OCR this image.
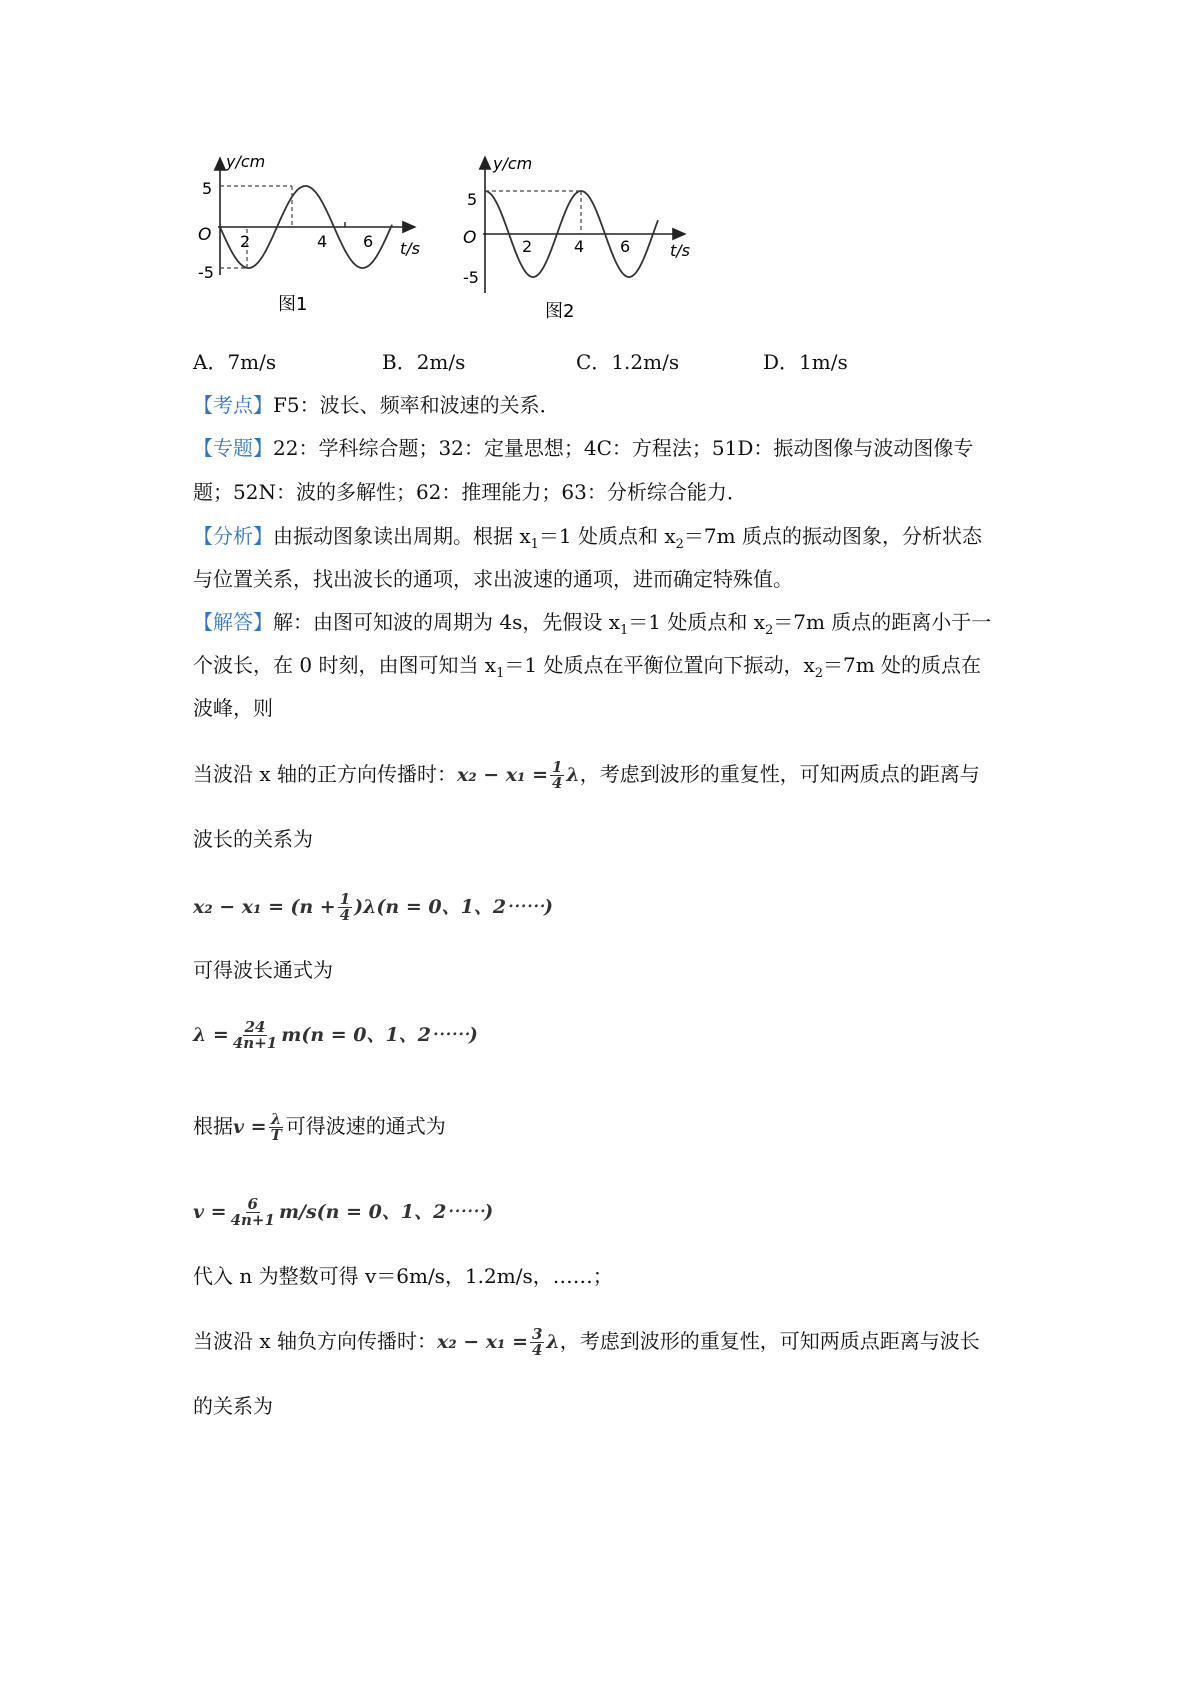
y/cm
t/s
O
5
-5
2	4 6
图1
y/cm
t/s
O
5
-5
2	4 6
图2
A．7m/s	B．2m/s	C．1.2m/s	D．1m/s
【考点】F5：波长、频率和波速的关系．
【专题】22：学科综合题；32：定量思想；4C：方程法；51D：振动图像与波动图像专
题；52N：波的多解性；62：推理能力；63：分析综合能力．
【分析】由振动图象读出周期。根据 $x_1=1$ 处质点和 $x_2=7m$ 质点的振动图象，分析状态
与位置关系，找出波长的通项，求出波速的通项，进而确定特殊值。
【解答】解：由图可知波的周期为 4s，先假设 $x_1=1$ 处质点和 $x_2=7m$ 质点的距离小于一
个波长，在 0 时刻，由图可知当 $x_1=1$ 处质点在平衡位置向下振动，$x_2=7m$ 处的质点在
波峰，则
当波沿 x 轴的正方向传播时：$x_2 - x_1 = \frac{1}{4}$ λ，考虑到波形的重复性，可知两质点的距离与
波长的关系为
$x_2 - x_1 = (n + \frac{1}{4} )\lambda(n = 0$、1、2⋯⋯)
可得波长通式为
$\lambda = \frac{24}{4n+1} m(n = 0$、1、2⋯⋯)
根据$v = \frac{\lambda}{T}$ 可得波速的通式为
$v = \frac{6}{4n+1} m/s(n = 0$、1、2⋯⋯)
代入 n 为整数可得 v＝6m/s，1.2m/s，……；
当波沿 x 轴负方向传播时：$x_2 - x_1 = \frac{3}{4}$ λ，考虑到波形的重复性，可知两质点距离与波长
的关系为
